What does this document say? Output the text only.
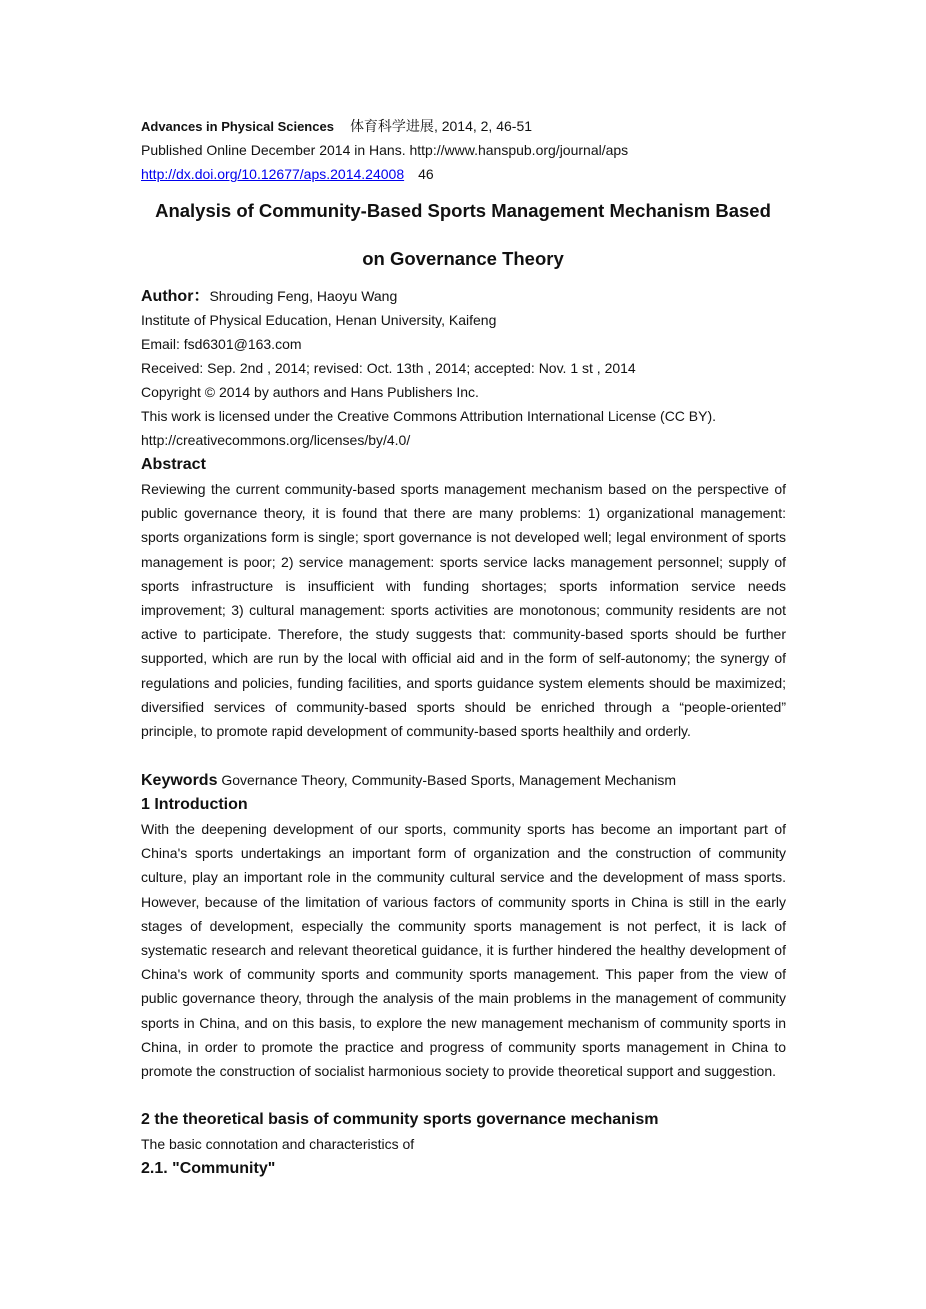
Advances in Physical Sciences 体育科学进展, 2014, 2, 46-51
Published Online December 2014 in Hans. http://www.hanspub.org/journal/aps
http://dx.doi.org/10.12677/aps.2014.24008 46
Analysis of Community-Based Sports Management Mechanism Based
on Governance Theory
Author：Shrouding Feng, Haoyu Wang
Institute of Physical Education, Henan University, Kaifeng
Email: fsd6301@163.com
Received: Sep. 2nd , 2014; revised: Oct. 13th , 2014; accepted: Nov. 1 st , 2014
Copyright © 2014 by authors and Hans Publishers Inc.
This work is licensed under the Creative Commons Attribution International License (CC BY).
http://creativecommons.org/licenses/by/4.0/
Abstract
Reviewing the current community-based sports management mechanism based on the perspective of public governance theory, it is found that there are many problems: 1) organizational management: sports organizations form is single; sport governance is not developed well; legal environment of sports management is poor; 2) service management: sports service lacks management personnel; supply of sports infrastructure is insufficient with funding shortages; sports information service needs improvement; 3) cultural management: sports activities are monotonous; community residents are not active to participate. Therefore, the study suggests that: community-based sports should be further supported, which are run by the local with official aid and in the form of self-autonomy; the synergy of regulations and policies, funding facilities, and sports guidance system elements should be maximized; diversified services of community-based sports should be enriched through a “people-oriented” principle, to promote rapid development of community-based sports healthily and orderly.
Keywords Governance Theory, Community-Based Sports, Management Mechanism
1 Introduction
With the deepening development of our sports, community sports has become an important part of China's sports undertakings an important form of organization and the construction of community culture, play an important role in the community cultural service and the development of mass sports. However, because of the limitation of various factors of community sports in China is still in the early stages of development, especially the community sports management is not perfect, it is lack of systematic research and relevant theoretical guidance, it is further hindered the healthy development of China's work of community sports and community sports management. This paper from the view of public governance theory, through the analysis of the main problems in the management of community sports in China, and on this basis, to explore the new management mechanism of community sports in China, in order to promote the practice and progress of community sports management in China to promote the construction of socialist harmonious society to provide theoretical support and suggestion.
2 the theoretical basis of community sports governance mechanism
The basic connotation and characteristics of
2.1. "Community"
